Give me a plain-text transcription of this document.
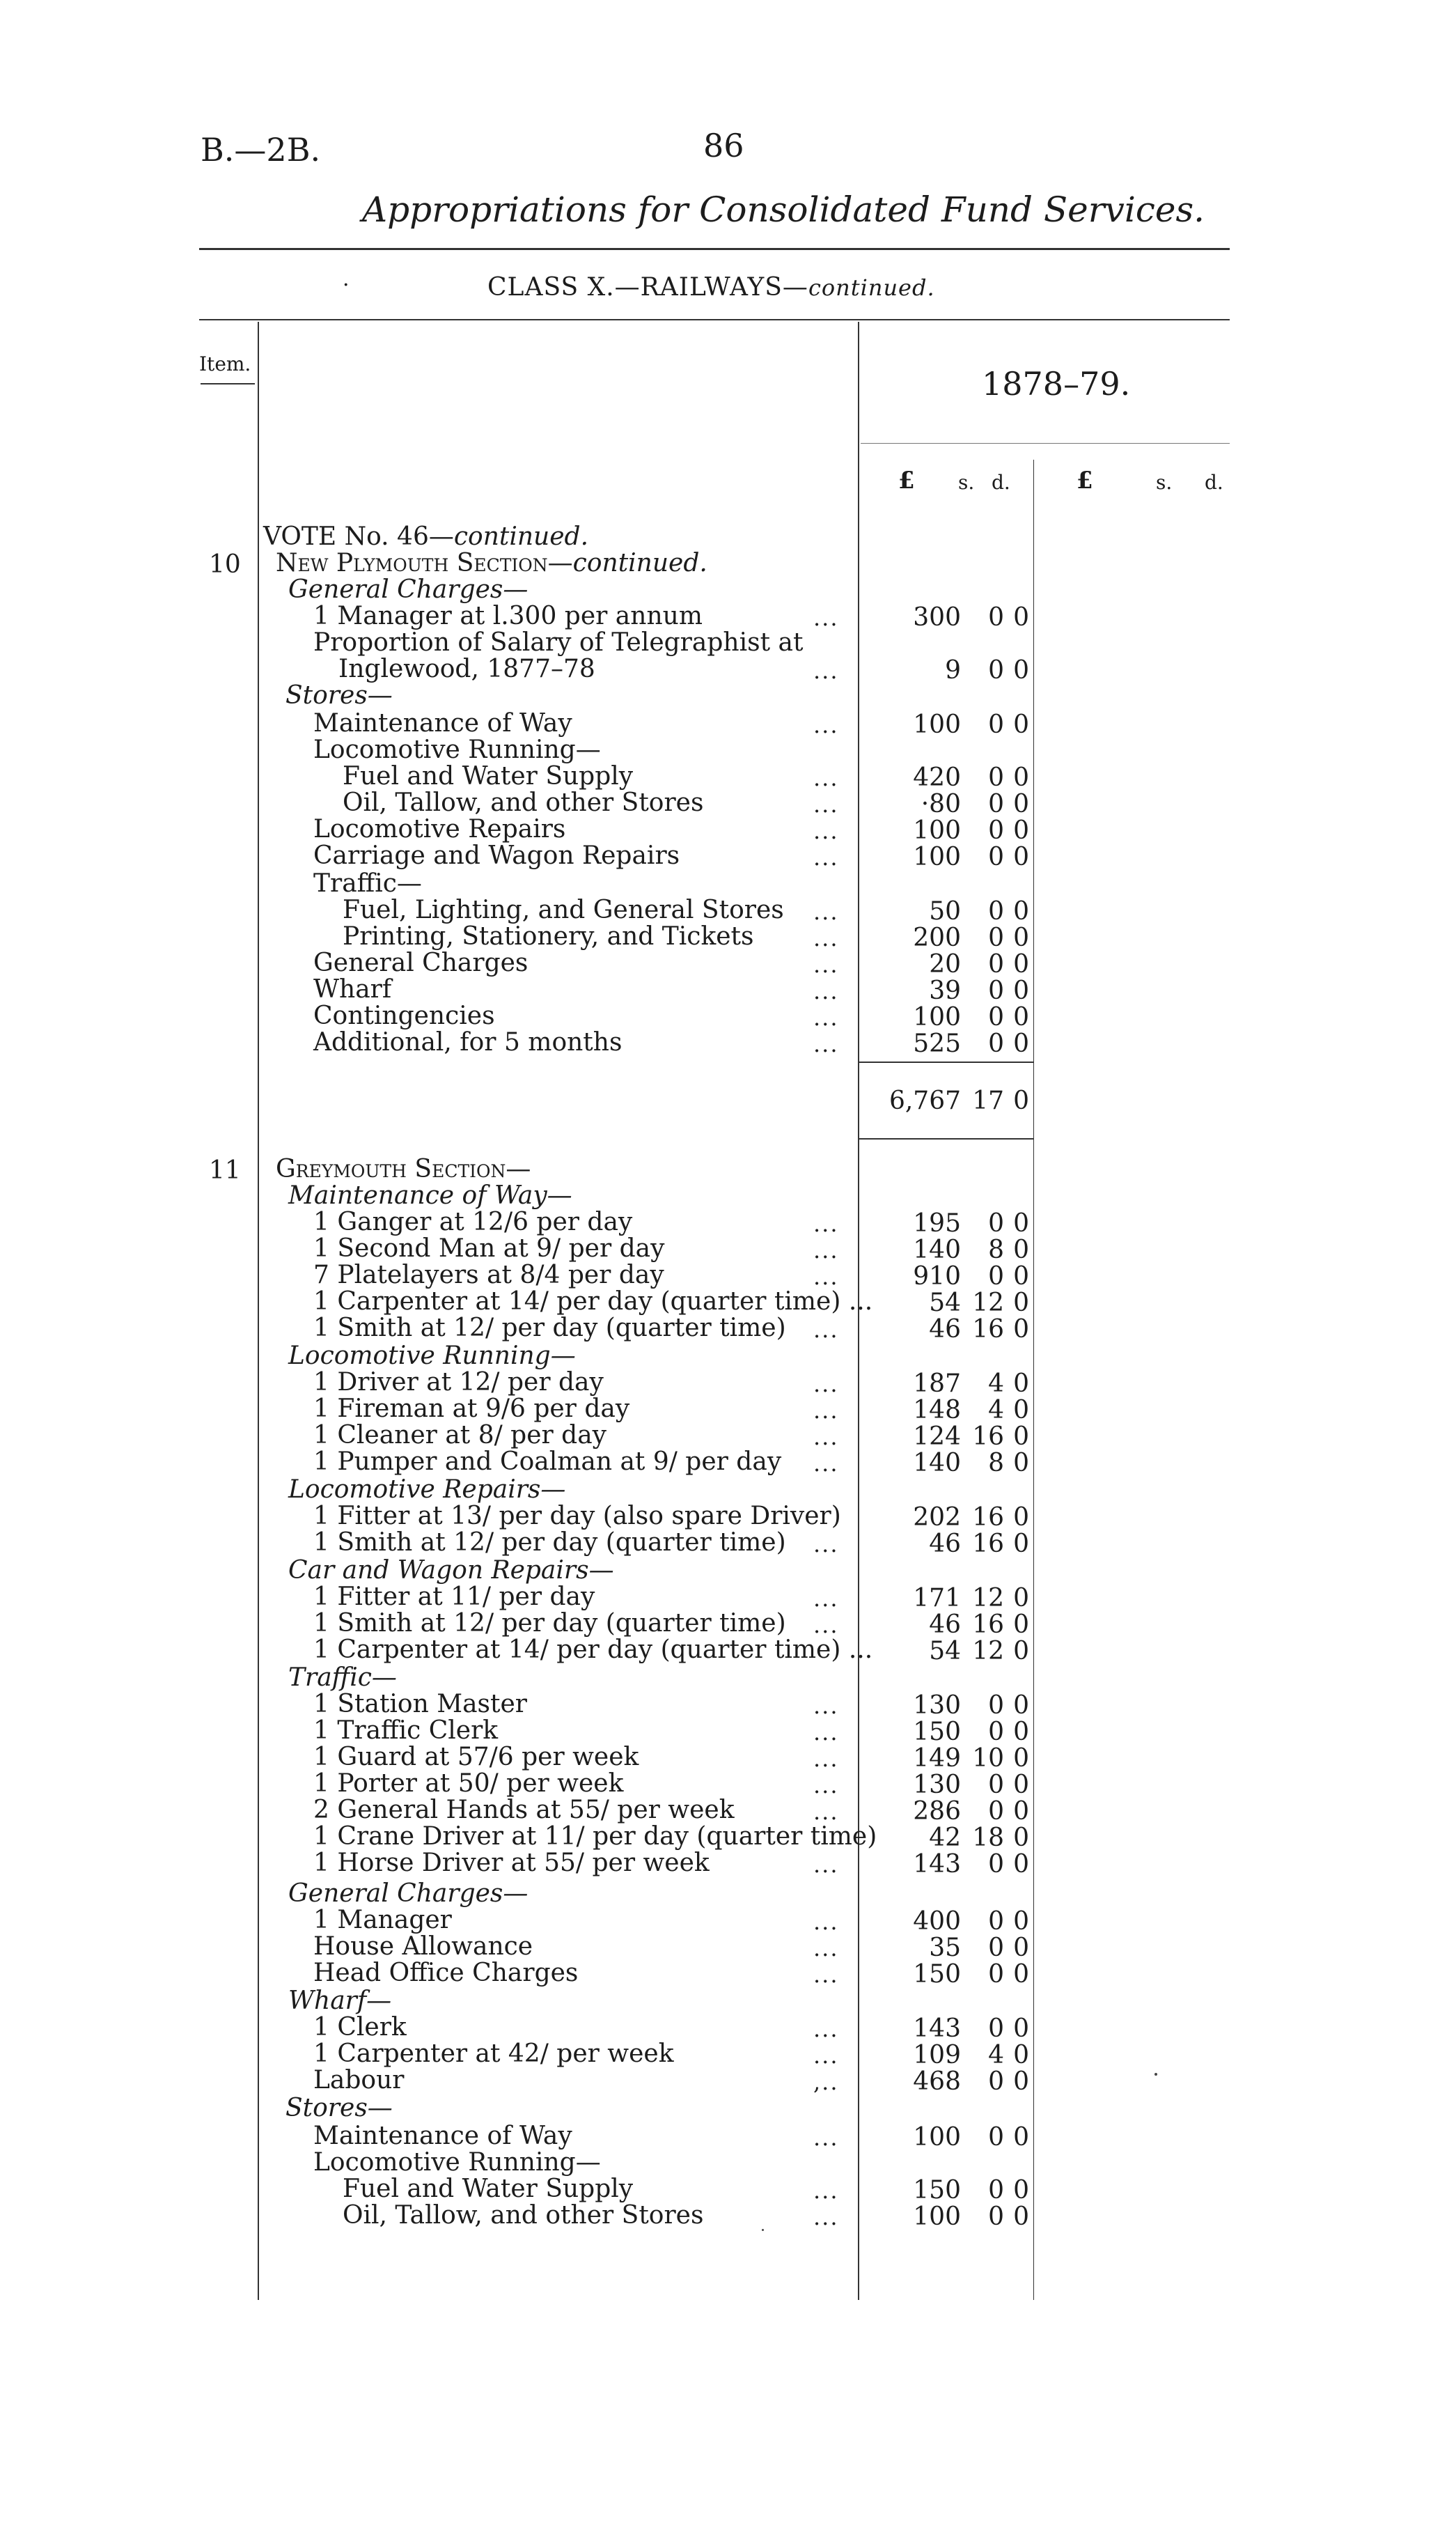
B.—2B.	86
Appropriations for Consolidated Fund Services.
·	CLASS X.—RAILWAYS—continued.
Item.
1878–79.
£ s. d.	£	s. d.
VOTE No. 46—continued.
10 New Plymouth Section—continued.
General Charges—
1 Manager at l.300 per annum	...	300	0 0
Proportion of Salary of Telegraphist at
Inglewood, 1877–78	...	9	0 0
Stores—
Maintenance of Way	...	100	0 0
Locomotive Running—
Fuel and Water Supply	...	420	0 0
Oil, Tallow, and other Stores	...	·80	0 0
Locomotive Repairs	...	100	0 0
Carriage and Wagon Repairs	...	100	0 0
Traffic—
Fuel, Lighting, and General Stores ...	50	0 0
Printing, Stationery, and Tickets	...	200	0 0
General Charges	...	20	0 0
Wharf	...	39	0 0
Contingencies	...	100	0 0
Additional, for 5 months	...	525	0 0
6,767 17 0
11 Greymouth Section—
Maintenance of Way—
1 Ganger at 12/6 per day	...	195	0 0
1 Second Man at 9/ per day	...	140	8 0
7 Platelayers at 8/4 per day	...	910	0 0
1 Carpenter at 14/ per day (quarter time) ...	54 12 0
1 Smith at 12/ per day (quarter time) ...	46 16 0
Locomotive Running—
1 Driver at 12/ per day	...	187	4 0
1 Fireman at 9/6 per day	...	148	4 0
1 Cleaner at 8/ per day	...	124 16 0
1 Pumper and Coalman at 9/ per day ...	140	8 0
Locomotive Repairs—
1 Fitter at 13/ per day (also spare Driver)	202 16 0
1 Smith at 12/ per day (quarter time) ...	46 16 0
Car and Wagon Repairs—
1 Fitter at 11/ per day	...	171 12 0
1 Smith at 12/ per day (quarter time) ...	46 16 0
1 Carpenter at 14/ per day (quarter time) ...	54 12 0
Traffic—
1 Station Master	...	130	0 0
1 Traffic Clerk	...	150	0 0
1 Guard at 57/6 per week	...	149 10 0
1 Porter at 50/ per week	...	130	0 0
2 General Hands at 55/ per week	...	286	0 0
1 Crane Driver at 11/ per day (quarter time)	42 18 0
1 Horse Driver at 55/ per week	...	143	0 0
General Charges—
1 Manager	...	400	0 0
House Allowance	...	35	0 0
Head Office Charges	...	150	0 0
Wharf—
1 Clerk	...	143	0 0
1 Carpenter at 42/ per week	...	109	4 0
Labour	,..	468	0 0
Stores—
Maintenance of Way	...	100	0 0
Locomotive Running—
Fuel and Water Supply	...	150	0 0
Oil, Tallow, and other Stores	...	100	0 0
